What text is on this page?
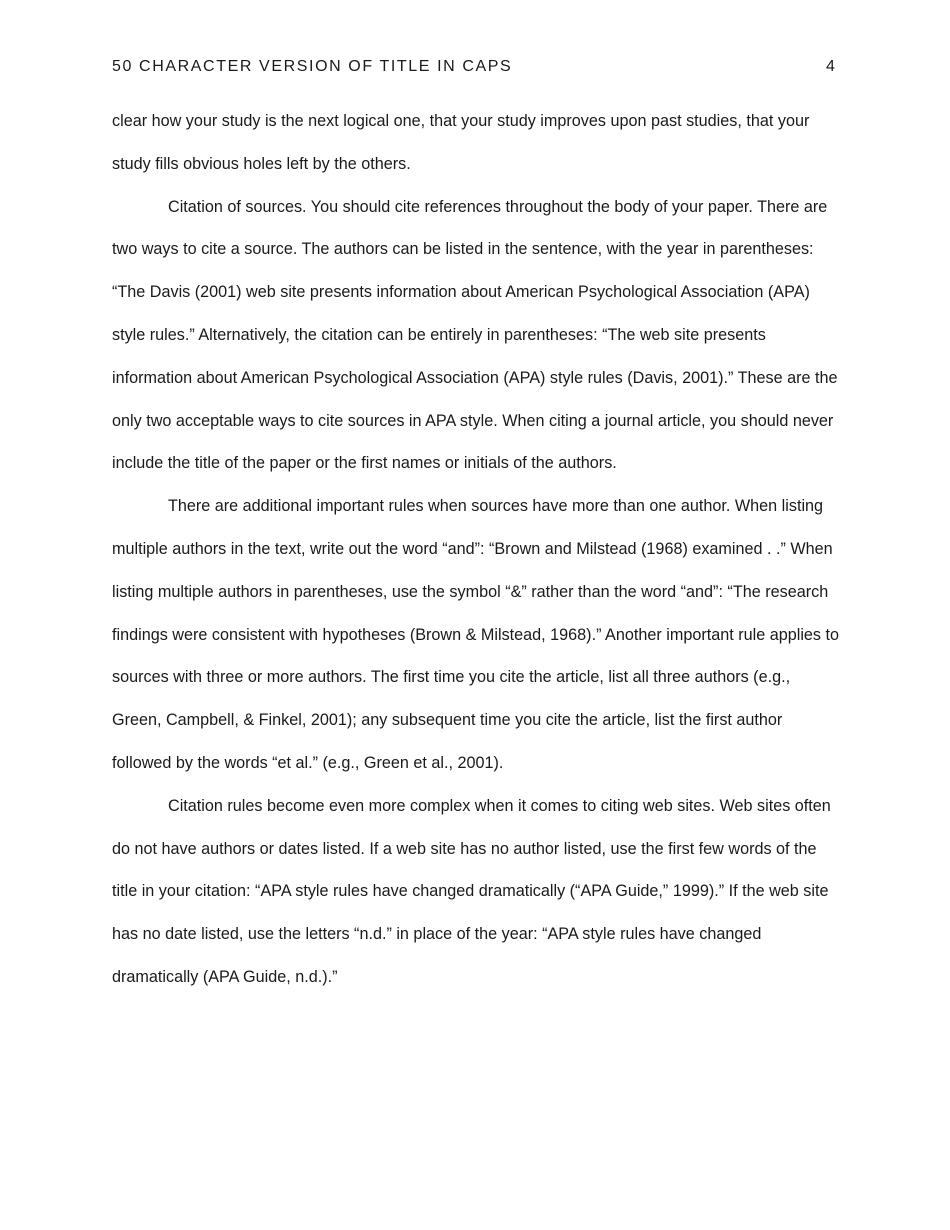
50 CHARACTER VERSION OF TITLE IN CAPS	4

clear how your study is the next logical one, that your study improves upon past studies, that your study fills obvious holes left by the others.

Citation of sources. You should cite references throughout the body of your paper. There are two ways to cite a source. The authors can be listed in the sentence, with the year in parentheses: “The Davis (2001) web site presents information about American Psychological Association (APA) style rules.” Alternatively, the citation can be entirely in parentheses: “The web site presents information about American Psychological Association (APA) style rules (Davis, 2001).” These are the only two acceptable ways to cite sources in APA style. When citing a journal article, you should never include the title of the paper or the first names or initials of the authors.

There are additional important rules when sources have more than one author. When listing multiple authors in the text, write out the word “and”: “Brown and Milstead (1968) examined . .” When listing multiple authors in parentheses, use the symbol “&” rather than the word “and”: “The research findings were consistent with hypotheses (Brown & Milstead, 1968).” Another important rule applies to sources with three or more authors. The first time you cite the article, list all three authors (e.g., Green, Campbell, & Finkel, 2001); any subsequent time you cite the article, list the first author followed by the words “et al.” (e.g., Green et al., 2001).

Citation rules become even more complex when it comes to citing web sites. Web sites often do not have authors or dates listed. If a web site has no author listed, use the first few words of the title in your citation: “APA style rules have changed dramatically (“APA Guide,” 1999).” If the web site has no date listed, use the letters “n.d.” in place of the year: “APA style rules have changed dramatically (APA Guide, n.d.).”
